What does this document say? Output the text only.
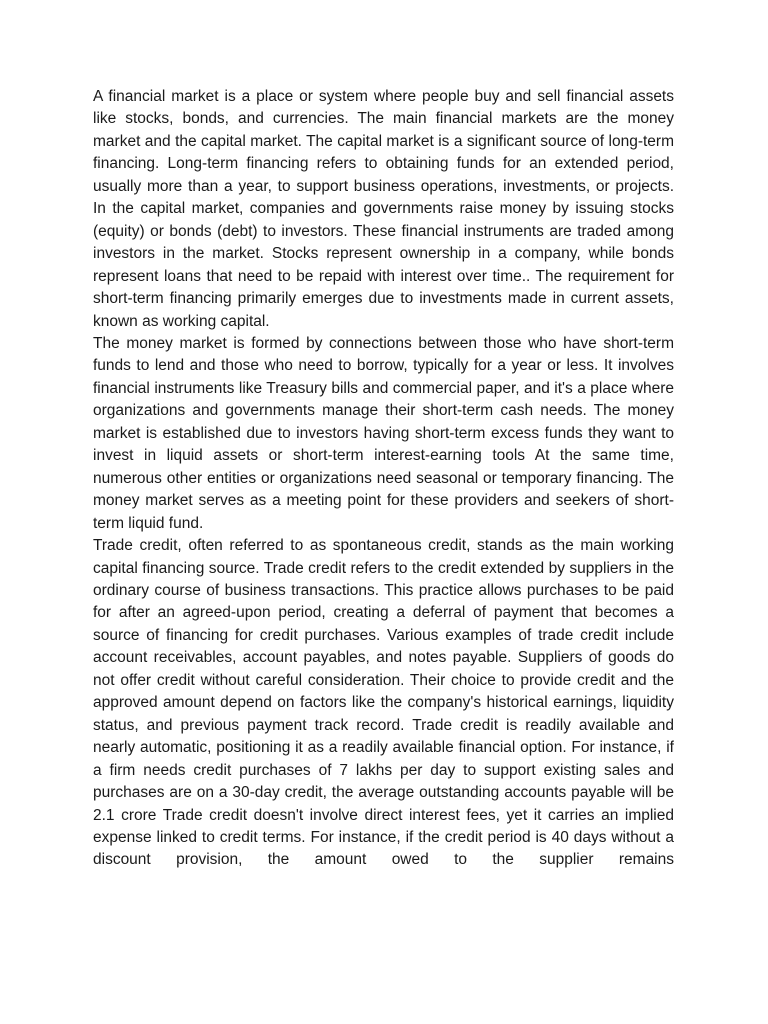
A financial market is a place or system where people buy and sell financial assets like stocks, bonds, and currencies. The main financial markets are the money market and the capital market. The capital market is a significant source of long-term financing. Long-term financing refers to obtaining funds for an extended period, usually more than a year, to support business operations, investments, or projects. In the capital market, companies and governments raise money by issuing stocks (equity) or bonds (debt) to investors. These financial instruments are traded among investors in the market. Stocks represent ownership in a company, while bonds represent loans that need to be repaid with interest over time.. The requirement for short-term financing primarily emerges due to investments made in current assets, known as working capital.

The money market is formed by connections between those who have short-term funds to lend and those who need to borrow, typically for a year or less. It involves financial instruments like Treasury bills and commercial paper, and it's a place where organizations and governments manage their short-term cash needs. The money market is established due to investors having short-term excess funds they want to invest in liquid assets or short-term interest-earning tools At the same time, numerous other entities or organizations need seasonal or temporary financing. The money market serves as a meeting point for these providers and seekers of short-term liquid fund.

Trade credit, often referred to as spontaneous credit, stands as the main working capital financing source. Trade credit refers to the credit extended by suppliers in the ordinary course of business transactions. This practice allows purchases to be paid for after an agreed-upon period, creating a deferral of payment that becomes a source of financing for credit purchases. Various examples of trade credit include account receivables, account payables, and notes payable. Suppliers of goods do not offer credit without careful consideration. Their choice to provide credit and the approved amount depend on factors like the company's historical earnings, liquidity status, and previous payment track record. Trade credit is readily available and nearly automatic, positioning it as a readily available financial option. For instance, if a firm needs credit purchases of 7 lakhs per day to support existing sales and purchases are on a 30-day credit, the average outstanding accounts payable will be 2.1 crore Trade credit doesn't involve direct interest fees, yet it carries an implied expense linked to credit terms. For instance, if the credit period is 40 days without a discount provision, the amount owed to the supplier remains
